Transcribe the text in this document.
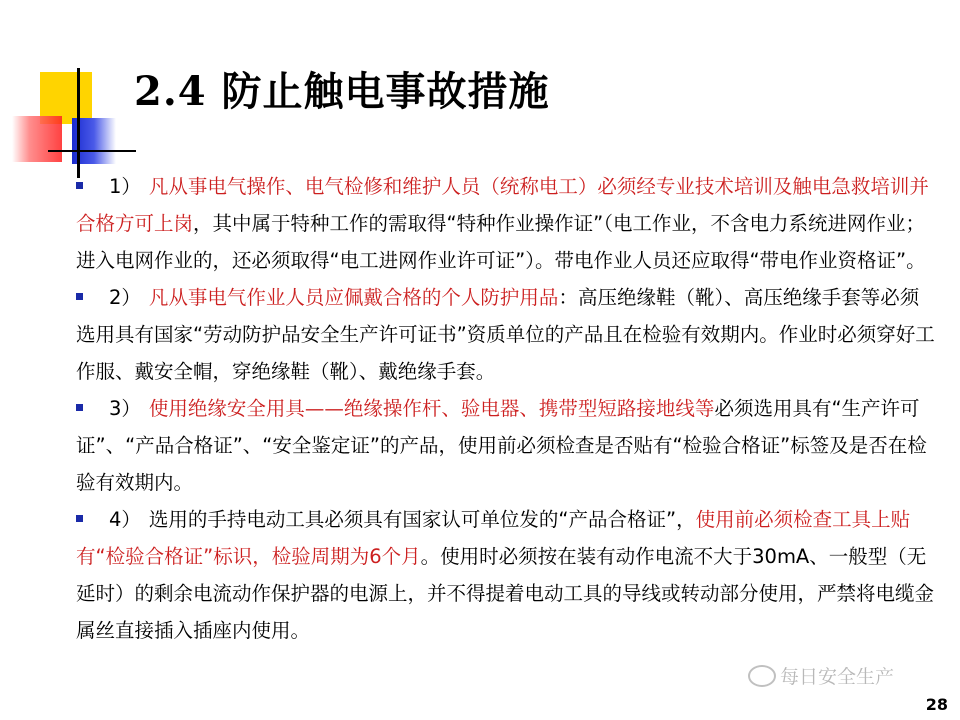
2.4 防止触电事故措施

1） 凡从事电气操作、电气检修和维护人员（统称电工）必须经专业技术培训及触电急救培训并合格方可上岗，其中属于特种工作的需取得“特种作业操作证”（电工作业，不含电力系统进网作业；进入电网作业的，还必须取得“电工进网作业许可证”）。带电作业人员还应取得“带电作业资格证”。

2） 凡从事电气作业人员应佩戴合格的个人防护用品：高压绝缘鞋（靴）、高压绝缘手套等必须选用具有国家“劳动防护品安全生产许可证书”资质单位的产品且在检验有效期内。作业时必须穿好工作服、戴安全帽，穿绝缘鞋（靴）、戴绝缘手套。

3） 使用绝缘安全用具——绝缘操作杆、验电器、携带型短路接地线等必须选用具有“生产许可证”、“产品合格证”、“安全鉴定证”的产品，使用前必须检查是否贴有“检验合格证”标签及是否在检验有效期内。

4） 选用的手持电动工具必须具有国家认可单位发的“产品合格证”，使用前必须检查工具上贴有“检验合格证”标识，检验周期为6个月。使用时必须按在装有动作电流不大于30mA、一般型（无延时）的剩余电流动作保护器的电源上，并不得提着电动工具的导线或转动部分使用，严禁将电缆金属丝直接插入插座内使用。

每日安全生产
28
